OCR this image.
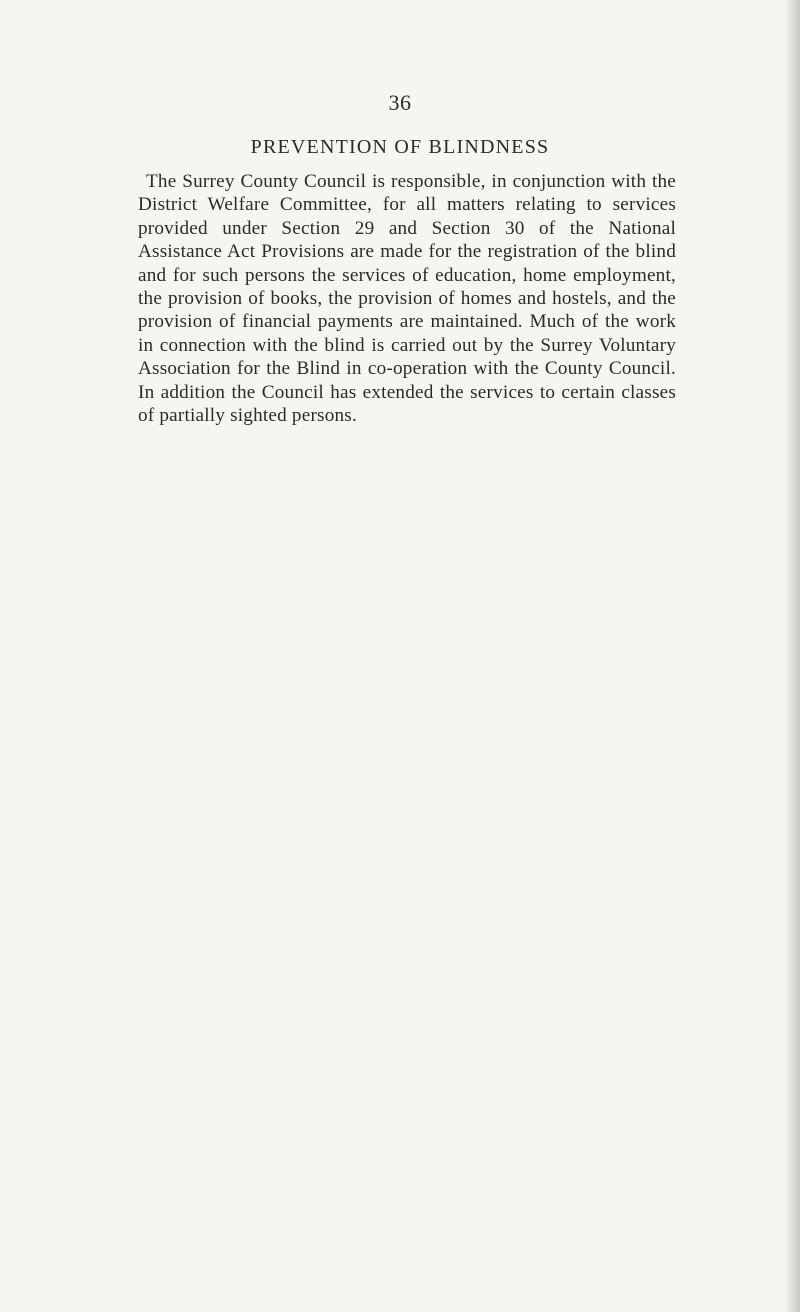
36
PREVENTION OF BLINDNESS
The Surrey County Council is responsible, in conjunction with the District Welfare Committee, for all matters relating to services provided under Section 29 and Section 30 of the National Assistance Act Provisions are made for the registration of the blind and for such persons the services of education, home employment, the provision of books, the provision of homes and hostels, and the provision of financial payments are maintained. Much of the work in connection with the blind is carried out by the Surrey Voluntary Association for the Blind in co-operation with the County Council. In addition the Council has extended the services to certain classes of partially sighted persons.
